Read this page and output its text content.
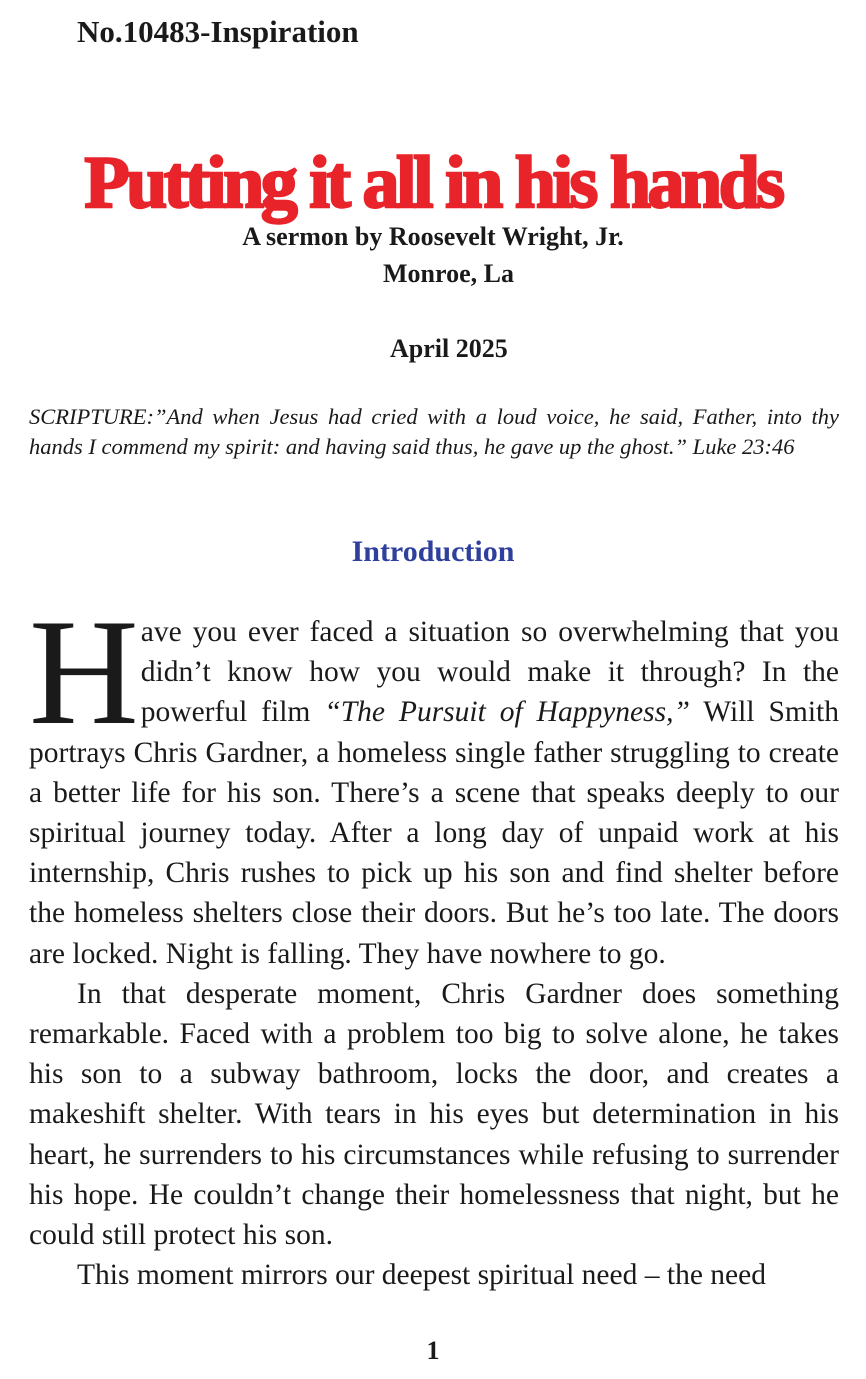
No.10483-Inspiration
Putting it all in his hands
A sermon by Roosevelt Wright, Jr.
Monroe, La
April 2025
SCRIPTURE:”And when Jesus had cried with a loud voice, he said, Father, into thy hands I commend my spirit: and having said thus, he gave up the ghost.” Luke 23:46
Introduction

Have you ever faced a situation so overwhelming that you didn’t know how you would make it through? In the powerful film “The Pursuit of Happyness,” Will Smith portrays Chris Gardner, a homeless single father struggling to create a better life for his son. There’s a scene that speaks deeply to our spiritual journey today. After a long day of unpaid work at his internship, Chris rushes to pick up his son and find shelter before the homeless shelters close their doors. But he’s too late. The doors are locked. Night is falling. They have nowhere to go.

In that desperate moment, Chris Gardner does something remarkable. Faced with a problem too big to solve alone, he takes his son to a subway bathroom, locks the door, and creates a makeshift shelter. With tears in his eyes but determination in his heart, he surrenders to his circumstances while refusing to surrender his hope. He couldn’t change their homelessness that night, but he could still protect his son.

This moment mirrors our deepest spiritual need – the need

1
